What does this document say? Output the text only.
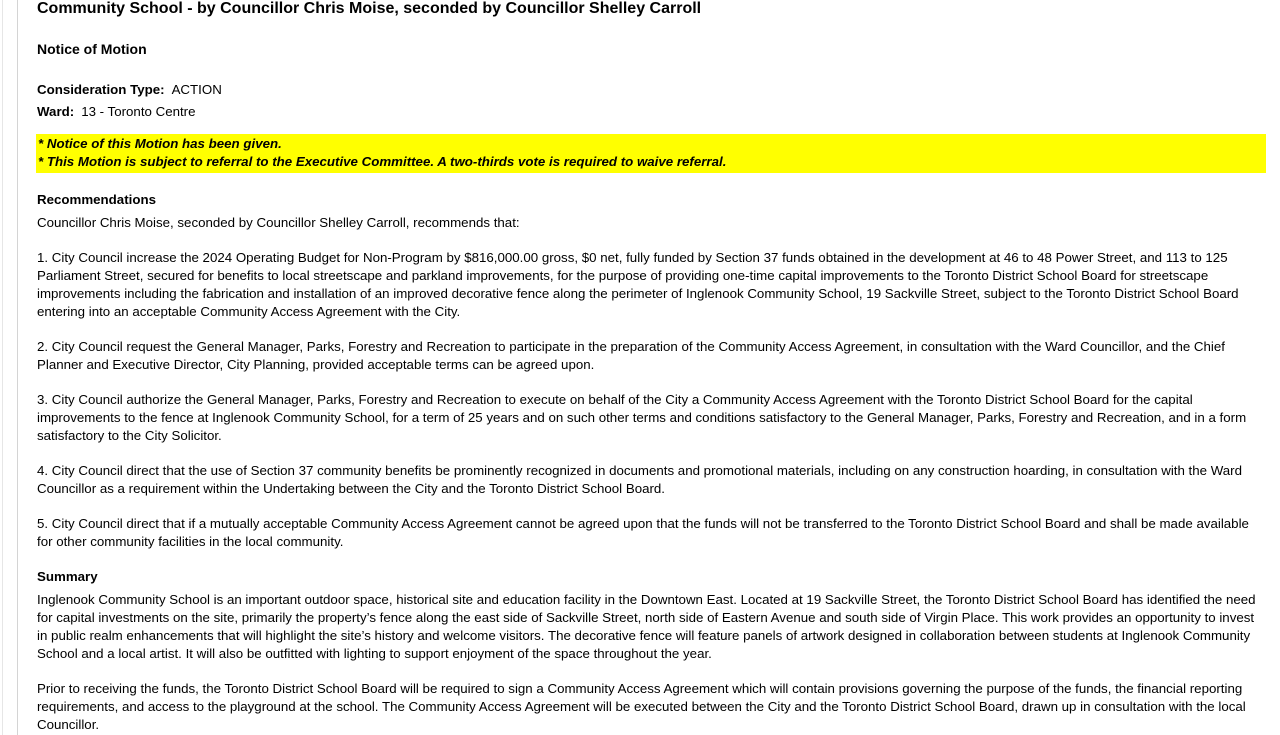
Community School - by Councillor Chris Moise, seconded by Councillor Shelley Carroll
Notice of Motion
Consideration Type: ACTION
Ward: 13 - Toronto Centre
* Notice of this Motion has been given.
* This Motion is subject to referral to the Executive Committee. A two-thirds vote is required to waive referral.
Recommendations
Councillor Chris Moise, seconded by Councillor Shelley Carroll, recommends that:
1. City Council increase the 2024 Operating Budget for Non-Program by $816,000.00 gross, $0 net, fully funded by Section 37 funds obtained in the development at 46 to 48 Power Street, and 113 to 125 Parliament Street, secured for benefits to local streetscape and parkland improvements, for the purpose of providing one-time capital improvements to the Toronto District School Board for streetscape improvements including the fabrication and installation of an improved decorative fence along the perimeter of Inglenook Community School, 19 Sackville Street, subject to the Toronto District School Board entering into an acceptable Community Access Agreement with the City.
2. City Council request the General Manager, Parks, Forestry and Recreation to participate in the preparation of the Community Access Agreement, in consultation with the Ward Councillor, and the Chief Planner and Executive Director, City Planning, provided acceptable terms can be agreed upon.
3. City Council authorize the General Manager, Parks, Forestry and Recreation to execute on behalf of the City a Community Access Agreement with the Toronto District School Board for the capital improvements to the fence at Inglenook Community School, for a term of 25 years and on such other terms and conditions satisfactory to the General Manager, Parks, Forestry and Recreation, and in a form satisfactory to the City Solicitor.
4. City Council direct that the use of Section 37 community benefits be prominently recognized in documents and promotional materials, including on any construction hoarding, in consultation with the Ward Councillor as a requirement within the Undertaking between the City and the Toronto District School Board.
5. City Council direct that if a mutually acceptable Community Access Agreement cannot be agreed upon that the funds will not be transferred to the Toronto District School Board and shall be made available for other community facilities in the local community.
Summary
Inglenook Community School is an important outdoor space, historical site and education facility in the Downtown East. Located at 19 Sackville Street, the Toronto District School Board has identified the need for capital investments on the site, primarily the property’s fence along the east side of Sackville Street, north side of Eastern Avenue and south side of Virgin Place. This work provides an opportunity to invest in public realm enhancements that will highlight the site’s history and welcome visitors. The decorative fence will feature panels of artwork designed in collaboration between students at Inglenook Community School and a local artist. It will also be outfitted with lighting to support enjoyment of the space throughout the year.
Prior to receiving the funds, the Toronto District School Board will be required to sign a Community Access Agreement which will contain provisions governing the purpose of the funds, the financial reporting requirements, and access to the playground at the school. The Community Access Agreement will be executed between the City and the Toronto District School Board, drawn up in consultation with the local Councillor.
